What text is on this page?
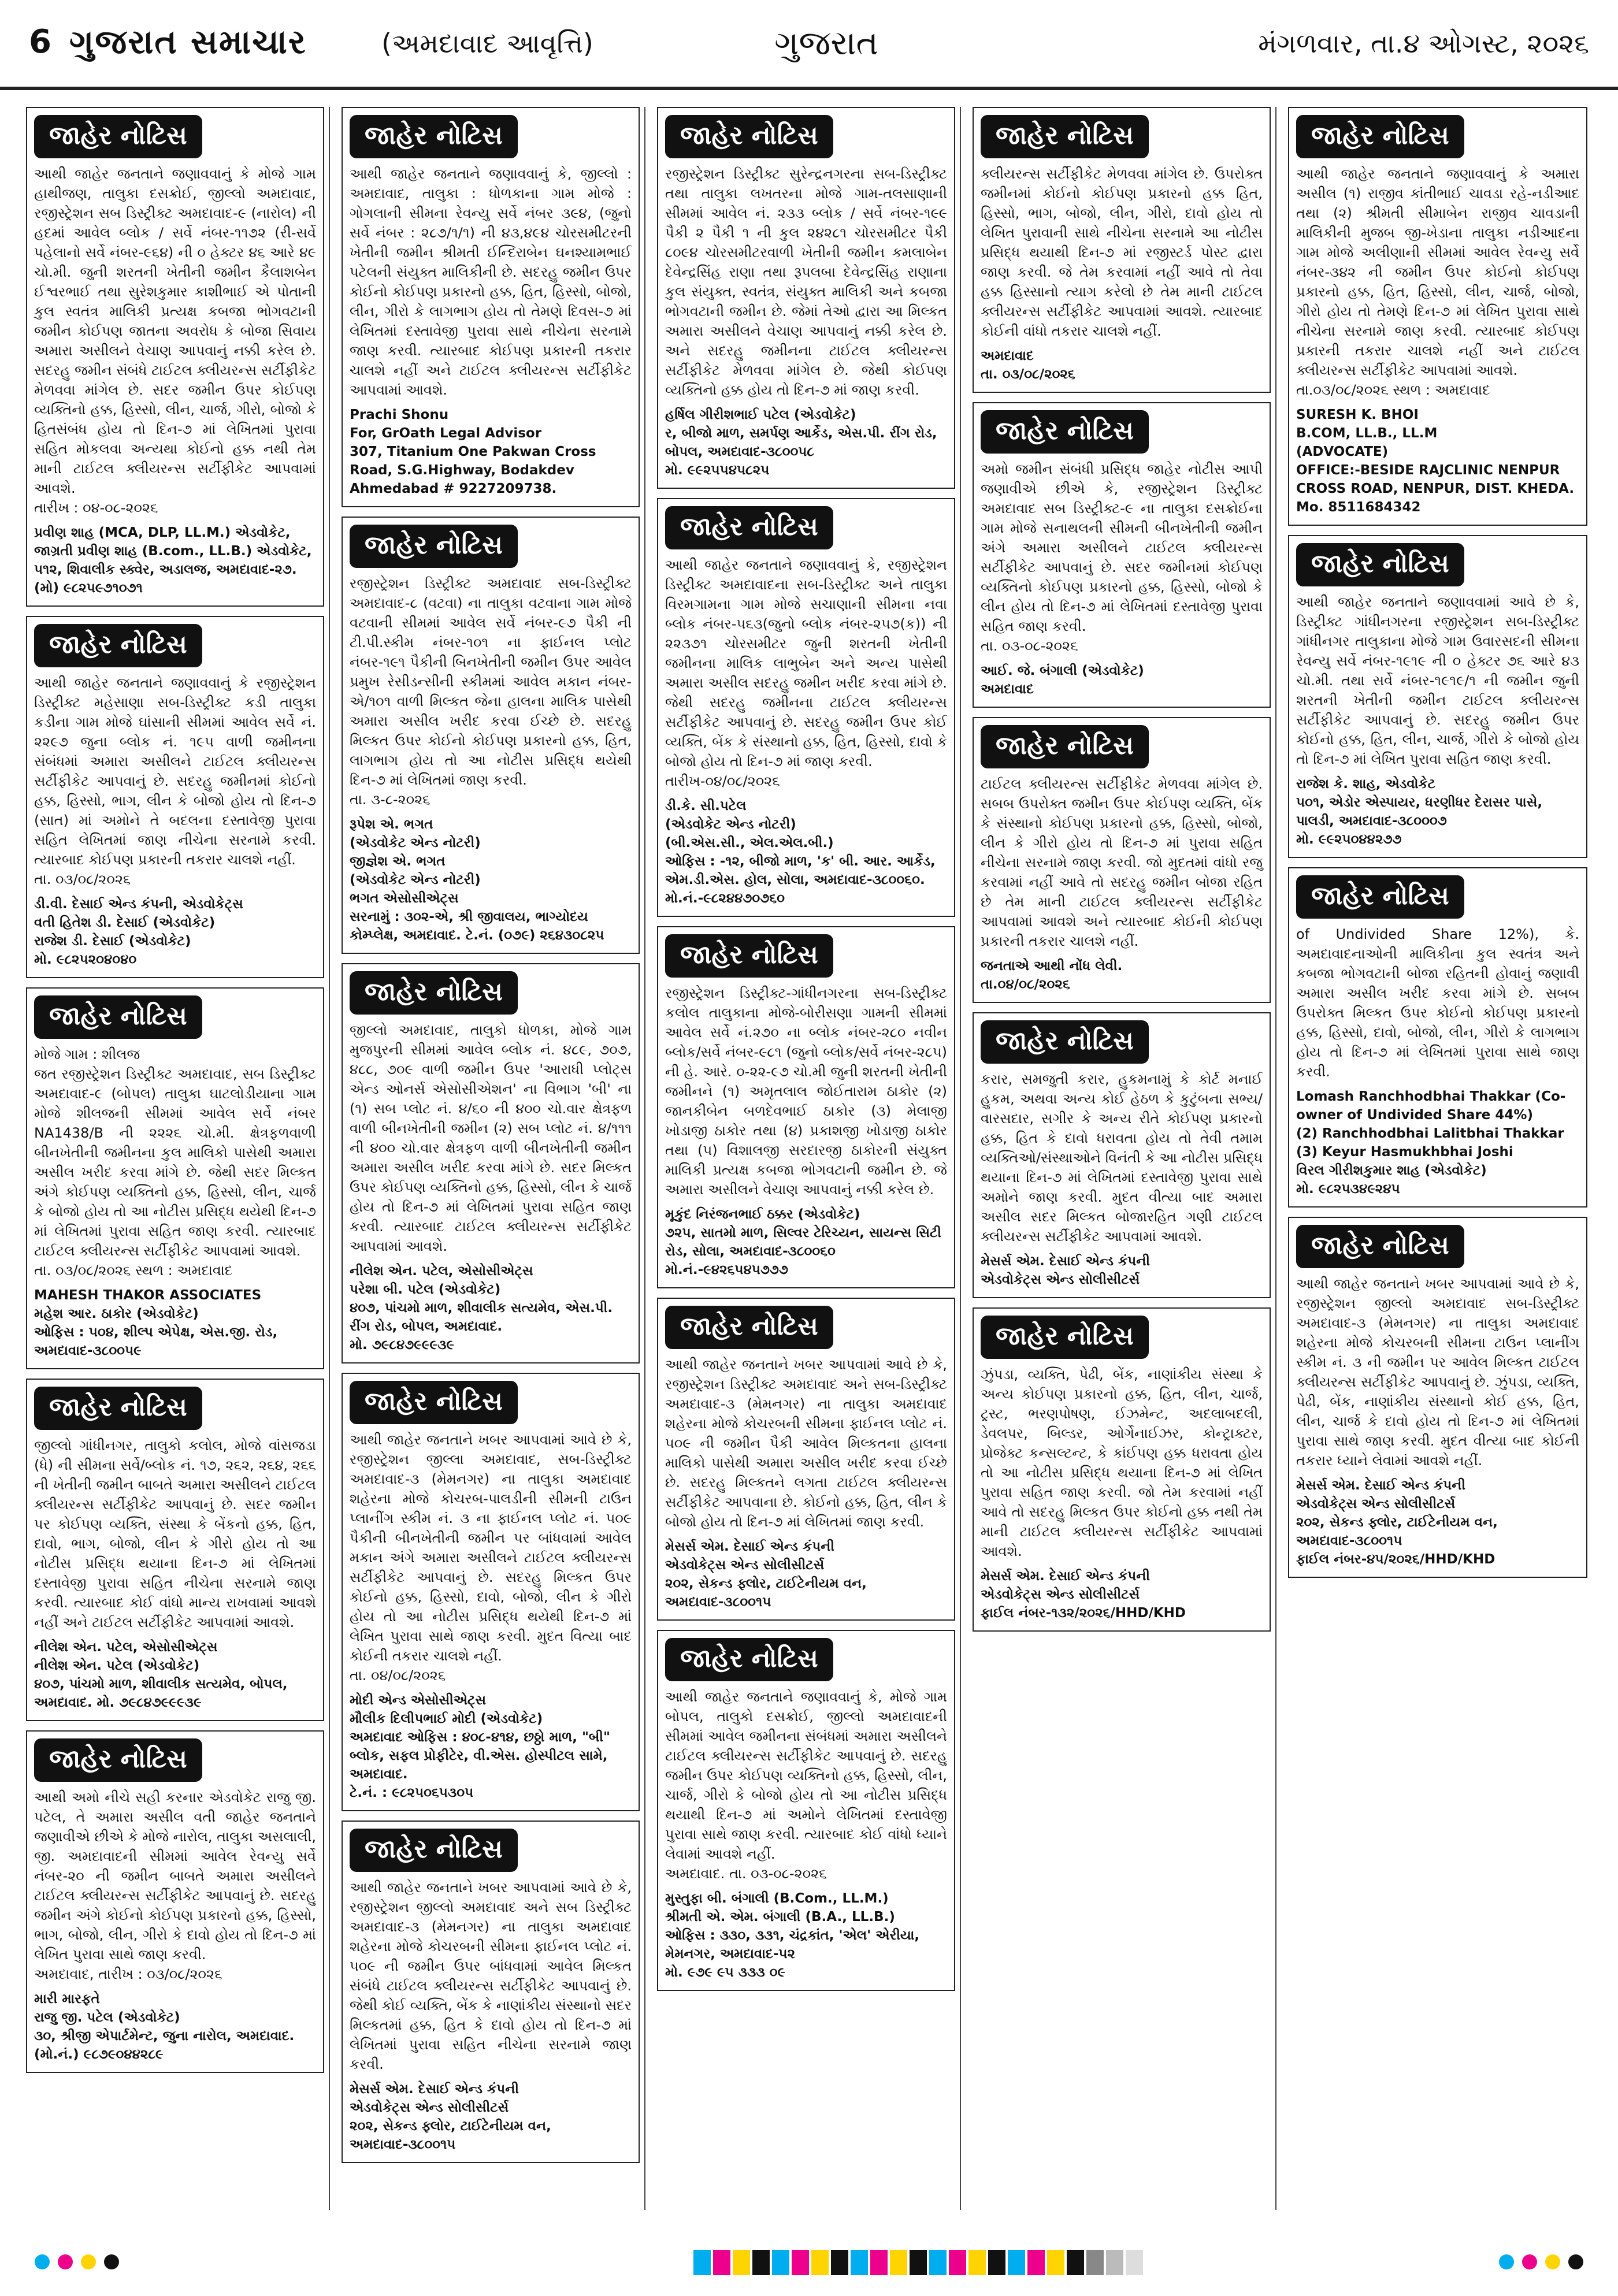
6 ગુજરાત સમાચાર	(અમદાવાદ આવૃત્તિ)	ગુજરાત	મંગળવાર, તા.૪ ઓગસ્ટ, ૨૦૨૬
જાહેર નોટિસ
આથી જાહેર જનતાને જણાવવાનું કે મોજે ગામ હાથીજણ, તાલુકા દસક્રોઈ, જીલ્લો અમદાવાદ, રજીસ્ટ્રેશન સબ ડિસ્ટ્રીક્ટ અમદાવાદ-૯ (નારોલ) ની હદમાં આવેલ બ્લોક / સર્વે નંબર-૧૧૭૨ (રી-સર્વે પહેલાનો સર્વે નંબર-૯૬૪) ની ૦ હેક્ટર ૪૬ આરે ૪૯ ચો.મી. જુની શરતની ખેતીની જમીન કૈલાશબેન ઈશ્વરભાઈ તથા સુરેશકુમાર કાશીભાઈ એ પોતાની કુલ સ્વતંત્ર માલિકી પ્રત્યક્ષ કબજા ભોગવટાની જમીન કોઈપણ જાતના અવરોધ કે બોજા સિવાય અમારા અસીલને વેચાણ આપવાનું નક્કી કરેલ છે. સદરહુ જમીન સંબંધે ટાઈટલ ક્લીયરન્સ સર્ટીફીકેટ મેળવવા માંગેલ છે. સદર જમીન ઉપર કોઈપણ વ્યક્તિનો હક્ક, હિસ્સો, લીન, ચાર્જ, ગીરો, બોજો કે હિતસંબંધ હોય તો દિન-૭ માં લેખિતમાં પુરાવા સહિત મોકલવા અન્યથા કોઈનો હક્ક નથી તેમ માની ટાઈટલ ક્લીયરન્સ સર્ટીફીકેટ આપવામાં આવશે.
તારીખ : ૦૪-૦૮-૨૦૨૬
પ્રવીણ શાહ (MCA, DLP, LL.M.) એડવોકેટ,
જાગ્રતી પ્રવીણ શાહ (B.com., LL.B.) એડવોકેટ,
૫૧૨, શિવાલીક સ્ક્વેર, અડાલજ, અમદાવાદ-૨૭. (મો) ૯૮૨૫૯૭૧૦૭૧
જાહેર નોટિસ
આથી જાહેર જનતાને જણાવવાનું કે રજીસ્ટ્રેશન ડિસ્ટ્રીક્ટ મહેસાણા સબ-ડિસ્ટ્રીક્ટ કડી તાલુકા કડીના ગામ મોજે ઘાંસાની સીમમાં આવેલ સર્વે નં. ૨૨૯૭ જુના બ્લોક નં. ૧૯૫ વાળી જમીનના સંબંધમાં અમારા અસીલને ટાઈટલ ક્લીયરન્સ સર્ટીફીકેટ આપવાનું છે. સદરહુ જમીનમાં કોઈનો હક્ક, હિસ્સો, ભાગ, લીન કે બોજો હોય તો દિન-૭ (સાત) માં અમોને તે બદલના દસ્તાવેજી પુરાવા સહિત લેખિતમાં જાણ નીચેના સરનામે કરવી. ત્યારબાદ કોઈપણ પ્રકારની તકરાર ચાલશે નહીં.
તા. ૦૩/૦૮/૨૦૨૬
ડી.વી. દેસાઈ એન્ડ કંપની, એડવોકેટ્સ
વતી હિતેશ ડી. દેસાઈ (એડવોકેટ)
રાજેશ ડી. દેસાઈ (એડવોકેટ)
મો. ૯૮૨૫૨૦૪૦૪૦
જાહેર નોટિસ
મોજે ગામ : શીલજ
જત રજીસ્ટ્રેશન ડિસ્ટ્રીક્ટ અમદાવાદ, સબ ડિસ્ટ્રીક્ટ અમદાવાદ-૯ (બોપલ) તાલુકા ઘાટલોડીયાના ગામ મોજે શીલજની સીમમાં આવેલ સર્વે નંબર NA1438/B ની ૨૨૨૬ ચો.મી. ક્ષેત્રફળવાળી બીનખેતીની જમીનના કુલ માલિકો પાસેથી અમારા અસીલ ખરીદ કરવા માંગે છે. જેથી સદર મિલ્કત અંગે કોઈપણ વ્યક્તિનો હક્ક, હિસ્સો, લીન, ચાર્જ કે બોજો હોય તો આ નોટીસ પ્રસિદ્ધ થયેથી દિન-૭ માં લેખિતમાં પુરાવા સહિત જાણ કરવી. ત્યારબાદ ટાઈટલ ક્લીયરન્સ સર્ટીફીકેટ આપવામાં આવશે.
તા. ૦૩/૦૮/૨૦૨૬ સ્થળ : અમદાવાદ
MAHESH THAKOR ASSOCIATES
મહેશ આર. ઠાકોર (એડવોકેટ)
ઓફિસ : ૫૦૪, શીલ્પ એપેક્ષ, એસ.જી. રોડ, અમદાવાદ-૩૮૦૦૫૯
જાહેર નોટિસ
જીલ્લો ગાંધીનગર, તાલુકો કલોલ, મોજે વાંસજડા (ધે) ની સીમના સર્વે/બ્લોક નં. ૧૭, ૨૬૨, ૨૬૪, ૨૬૬ ની ખેતીની જમીન બાબતે અમારા અસીલને ટાઈટલ ક્લીયરન્સ સર્ટીફીકેટ આપવાનું છે. સદર જમીન પર કોઈપણ વ્યક્તિ, સંસ્થા કે બેંકનો હક્ક, હિત, દાવો, ભાગ, બોજો, લીન કે ગીરો હોય તો આ નોટીસ પ્રસિદ્ધ થયાના દિન-૭ માં લેખિતમાં દસ્તાવેજી પુરાવા સહિત નીચેના સરનામે જાણ કરવી. ત્યારબાદ કોઈ વાંધો માન્ય રાખવામાં આવશે નહીં અને ટાઈટલ સર્ટીફીકેટ આપવામાં આવશે.
નીલેશ એન. પટેલ, એસોસીએટ્સ
નીલેશ એન. પટેલ (એડવોકેટ)
૪૦૭, પાંચમો માળ, શીવાલીક સત્યમેવ, બોપલ, અમદાવાદ. મો. ૭૯૮૪૭૯૯૯૩૯
જાહેર નોટિસ
આથી અમો નીચે સહી કરનાર એડવોકેટ રાજુ જી. પટેલ, તે અમારા અસીલ વતી જાહેર જનતાને જણાવીએ છીએ કે મોજે નારોલ, તાલુકા અસલાલી, જી. અમદાવાદની સીમમાં આવેલ રેવન્યુ સર્વે નંબર-૨૦ ની જમીન બાબતે અમારા અસીલને ટાઈટલ ક્લીયરન્સ સર્ટીફીકેટ આપવાનું છે. સદરહુ જમીન અંગે કોઈનો કોઈપણ પ્રકારનો હક્ક, હિસ્સો, ભાગ, બોજો, લીન, ગીરો કે દાવો હોય તો દિન-૭ માં લેખિત પુરાવા સાથે જાણ કરવી.
અમદાવાદ, તારીખ : ૦૩/૦૮/૨૦૨૬
મારી મારફતે
રાજુ જી. પટેલ (એડવોકેટ)
૩૦, શ્રીજી એપાર્ટમેન્ટ, જુના નારોલ, અમદાવાદ. (મો.નં.) ૯૮૭૯૦૪૪૨૮૯
જાહેર નોટિસ
આથી જાહેર જનતાને જણાવવાનું કે, જીલ્લો : અમદાવાદ, તાલુકા : ધોળકાના ગામ મોજે : ગોગલાની સીમના રેવન્યુ સર્વે નંબર ૩૯૪, (જુનો સર્વે નંબર : ૨૮૭/૧/૧) ની ૪૩,૪૯૪ ચોરસમીટરની ખેતીની જમીન શ્રીમતી ઈન્દિરાબેન ઘનશ્યામભાઈ પટેલની સંયુક્ત માલિકીની છે. સદરહુ જમીન ઉપર કોઈનો કોઈપણ પ્રકારનો હક્ક, હિત, હિસ્સો, બોજો, લીન, ગીરો કે લાગભાગ હોય તો તેમણે દિવસ-૭ માં લેખિતમાં દસ્તાવેજી પુરાવા સાથે નીચેના સરનામે જાણ કરવી. ત્યારબાદ કોઈપણ પ્રકારની તકરાર ચાલશે નહીં અને ટાઈટલ ક્લીયરન્સ સર્ટીફીકેટ આપવામાં આવશે.
Prachi Shonu
For, GrOath Legal Advisor
307, Titanium One Pakwan Cross Road, S.G.Highway, Bodakdev
Ahmedabad # 9227209738.
જાહેર નોટિસ
રજીસ્ટ્રેશન ડિસ્ટ્રીક્ટ અમદાવાદ સબ-ડિસ્ટ્રીક્ટ અમદાવાદ-૮ (વટવા) ના તાલુકા વટવાના ગામ મોજે વટવાની સીમમાં આવેલ સર્વે નંબર-૯૭ પૈકી ની ટી.પી.સ્કીમ નંબર-૧૦૧ ના ફાઈનલ પ્લોટ નંબર-૧૯૧ પૈકીની બિનખેતીની જમીન ઉપર આવેલ પ્રમુખ રેસીડન્સીની સ્કીમમાં આવેલ મકાન નંબર-એ/૧૦૧ વાળી મિલ્કત જેના હાલના માલિક પાસેથી અમારા અસીલ ખરીદ કરવા ઈચ્છે છે. સદરહુ મિલ્કત ઉપર કોઈનો કોઈપણ પ્રકારનો હક્ક, હિત, લાગભાગ હોય તો આ નોટીસ પ્રસિદ્ધ થયેથી દિન-૭ માં લેખિતમાં જાણ કરવી.
તા. ૩-૮-૨૦૨૬
રૂપેશ એ. ભગત
(એડવોકેટ એન્ડ નોટરી)
જીજ્ઞેશ એ. ભગત
(એડવોકેટ એન્ડ નોટરી)
ભગત એસોસીએટ્સ
સરનામું : ૩૦૨-એ, શ્રી જીવાલય, ભાગ્યોદય કોમ્પ્લેક્ષ, અમદાવાદ. ટે.નં. (૦૭૯) ૨૬૪૩૦૮૨૫
જાહેર નોટિસ
જીલ્લો અમદાવાદ, તાલુકો ધોળકા, મોજે ગામ મુજપુરની સીમમાં આવેલ બ્લોક નં. ૪૮૯, ૭૦૭, ૪૮૮, ૭૦૯ વાળી જમીન ઉપર 'આરાધી પ્લોટ્સ એન્ડ ઓનર્સ એસોસીએશન' ના વિભાગ 'બી' ના (૧) સબ પ્લોટ નં. ૪/૬૦ ની ૪૦૦ ચો.વાર ક્ષેત્રફળ વાળી બીનખેતીની જમીન (૨) સબ પ્લોટ નં. ૪/૧૧૧ ની ૪૦૦ ચો.વાર ક્ષેત્રફળ વાળી બીનખેતીની જમીન અમારા અસીલ ખરીદ કરવા માંગે છે. સદર મિલ્કત ઉપર કોઈપણ વ્યક્તિનો હક્ક, હિસ્સો, લીન કે ચાર્જ હોય તો દિન-૭ માં લેખિતમાં પુરાવા સહિત જાણ કરવી. ત્યારબાદ ટાઈટલ ક્લીયરન્સ સર્ટીફીકેટ આપવામાં આવશે.
નીલેશ એન. પટેલ, એસોસીએટ્સ
પરેશા બી. પટેલ (એડવોકેટ)
૪૦૭, પાંચમો માળ, શીવાલીક સત્યમેવ, એસ.પી. રીંગ રોડ, બોપલ, અમદાવાદ.
મો. ૭૯૮૪૭૯૯૯૩૯
જાહેર નોટિસ
આથી જાહેર જનતાને ખબર આપવામાં આવે છે કે, રજીસ્ટ્રેશન જીલ્લા અમદાવાદ, સબ-ડિસ્ટ્રીક્ટ અમદાવાદ-૩ (મેમનગર) ના તાલુકા અમદાવાદ શહેરના મોજે કોચરબ-પાલડીની સીમની ટાઉન પ્લાનીંગ સ્કીમ નં. ૩ ના ફાઈનલ પ્લોટ નં. ૫૦૯ પૈકીની બીનખેતીની જમીન પર બાંધવામાં આવેલ મકાન અંગે અમારા અસીલને ટાઈટલ ક્લીયરન્સ સર્ટીફીકેટ આપવાનું છે. સદરહુ મિલ્કત ઉપર કોઈનો હક્ક, હિસ્સો, દાવો, બોજો, લીન કે ગીરો હોય તો આ નોટીસ પ્રસિદ્ધ થયેથી દિન-૭ માં લેખિત પુરાવા સાથે જાણ કરવી. મુદત વિત્યા બાદ કોઈની તકરાર ચાલશે નહીં.
તા. ૦૪/૦૮/૨૦૨૬
મોદી એન્ડ એસોસીએટ્સ
મૌલીક દિલીપભાઈ મોદી (એડવોકેટ)
અમદાવાદ ઓફિસ : ૪૦૮-૪૧૪, છઠ્ઠો માળ, "બી" બ્લોક, સફલ પ્રોફીટેર, વી.એસ. હોસ્પીટલ સામે, અમદાવાદ.
ટે.નં. : ૯૮૨૫૦૬૫૩૦૫
જાહેર નોટિસ
આથી જાહેર જનતાને ખબર આપવામાં આવે છે કે, રજીસ્ટ્રેશન જીલ્લો અમદાવાદ અને સબ ડિસ્ટ્રીક્ટ અમદાવાદ-૩ (મેમનગર) ના તાલુકા અમદાવાદ શહેરના મોજે કોચરબની સીમના ફાઈનલ પ્લોટ નં. ૫૦૯ ની જમીન ઉપર બાંધવામાં આવેલ મિલ્કત સંબંધે ટાઈટલ ક્લીયરન્સ સર્ટીફીકેટ આપવાનું છે. જેથી કોઈ વ્યક્તિ, બેંક કે નાણાંકીય સંસ્થાનો સદર મિલ્કતમાં હક્ક, હિત કે દાવો હોય તો દિન-૭ માં લેખિતમાં પુરાવા સહિત નીચેના સરનામે જાણ કરવી.
મેસર્સ એમ. દેસાઈ એન્ડ કંપની
એડવોકેટ્સ એન્ડ સોલીસીટર્સ
૨૦૨, સેકન્ડ ફ્લોર, ટાઈટેનીયમ વન, અમદાવાદ-૩૮૦૦૧૫
જાહેર નોટિસ
રજીસ્ટ્રેશન ડિસ્ટ્રીક્ટ સુરેન્દ્રનગરના સબ-ડિસ્ટ્રીક્ટ તથા તાલુકા લખતરના મોજે ગામ-તલસાણાની સીમમાં આવેલ નં. ૨૩૩ બ્લોક / સર્વે નંબર-૧૯૯ પૈકી ૨ પૈકી ૧ ની કુલ ૨૪૨૮૧ ચોરસમીટર પૈકી ૮૦૯૪ ચોરસમીટરવાળી ખેતીની જમીન કમલાબેન દેવેન્દ્રસિંહ રાણા તથા રૂપલબા દેવેન્દ્રસિંહ રાણાના કુલ સંયુક્ત, સ્વતંત્ર, સંયુક્ત માલિકી અને કબજા ભોગવટાની જમીન છે. જેમાં તેઓ દ્વારા આ મિલ્કત અમારા અસીલને વેચાણ આપવાનું નક્કી કરેલ છે. અને સદરહુ જમીનના ટાઈટલ ક્લીયરન્સ સર્ટીફીકેટ મેળવવા માંગેલ છે. જેથી કોઈપણ વ્યક્તિનો હક્ક હોય તો દિન-૭ માં જાણ કરવી.
હર્ષિલ ગીરીશભાઈ પટેલ (એડવોકેટ)
ર, બીજો માળ, સમર્પણ આર્કેડ, એસ.પી. રીંગ રોડ, બોપલ, અમદાવાદ-૩૮૦૦૫૮
મો. ૯૯૨૫૫૪૫૮૨૫
જાહેર નોટિસ
આથી જાહેર જનતાને જણાવવાનું કે, રજીસ્ટ્રેશન ડિસ્ટ્રીક્ટ અમદાવાદના સબ-ડિસ્ટ્રીક્ટ અને તાલુકા વિરમગામના ગામ મોજે સચાણાની સીમના નવા બ્લોક નંબર-૫૬૩(જુનો બ્લોક નંબર-૨૫૭(ક)) ની ૨૨૩૭૧ ચોરસમીટર જુની શરતની ખેતીની જમીનના માલિક લાભુબેન અને અન્ય પાસેથી અમારા અસીલ સદરહુ જમીન ખરીદ કરવા માંગે છે. જેથી સદરહુ જમીનના ટાઈટલ ક્લીયરન્સ સર્ટીફીકેટ આપવાનું છે. સદરહુ જમીન ઉપર કોઈ વ્યક્તિ, બેંક કે સંસ્થાનો હક્ક, હિત, હિસ્સો, દાવો કે બોજો હોય તો દિન-૭ માં જાણ કરવી.
તારીખ-૦૪/૦૮/૨૦૨૬
ડી.કે. સી.પટેલ
(એડવોકેટ એન્ડ નોટરી)
(બી.એસ.સી., એલ.એલ.બી.)
ઓફિસ : -૧૨, બીજો માળ, 'ક' બી. આર. આર્કેડ, એમ.ડી.એસ. હોલ, સોલા, અમદાવાદ-૩૮૦૦૬૦.
મો.નં.-૯૮૨૪૪૭૦૭૬૦
જાહેર નોટિસ
રજીસ્ટ્રેશન ડિસ્ટ્રીક્ટ-ગાંધીનગરના સબ-ડિસ્ટ્રીક્ટ કલોલ તાલુકાના મોજે-બોરીસણા ગામની સીમમાં આવેલ સર્વે નં.૨૭૦ ના બ્લોક નંબર-૨૮૦ નવીન બ્લોક/સર્વે નંબર-૯૮૧ (જુનો બ્લોક/સર્વે નંબર-૨૮૫) ની હે. આરે. ૦-૨૨-૯૭ ચો.મી જુની શરતની ખેતીની જમીનને (૧) અમૃતલાલ જોઈતારામ ઠાકોર (૨) જાનકીબેન બળદેવભાઈ ઠાકોર (૩) મેલાજી ખોડાજી ઠાકોર તથા (૪) પ્રકાશજી ખોડાજી ઠાકોર તથા (૫) વિશાલજી સરદારજી ઠાકોરની સંયુક્ત માલિકી પ્રત્યક્ષ કબજા ભોગવટાની જમીન છે. જે અમારા અસીલને વેચાણ આપવાનું નક્કી કરેલ છે.
મૂકુંદ નિરંજનભાઈ ઠક્કર (એડવોકેટ)
૭૨૫, સાતમો માળ, સિલ્વર ટેરિચ્યન, સાયન્સ સિટી રોડ, સોલા, અમદાવાદ-૩૮૦૦૬૦
મો.નં.-૯૪૨૬૫૪૫૭૭૭
જાહેર નોટિસ
આથી જાહેર જનતાને ખબર આપવામાં આવે છે કે, રજીસ્ટ્રેશન ડિસ્ટ્રીક્ટ અમદાવાદ અને સબ-ડિસ્ટ્રીક્ટ અમદાવાદ-૩ (મેમનગર) ના તાલુકા અમદાવાદ શહેરના મોજે કોચરબની સીમના ફાઈનલ પ્લોટ નં. ૫૦૯ ની જમીન પૈકી આવેલ મિલ્કતના હાલના માલિકો પાસેથી અમારા અસીલ ખરીદ કરવા ઈચ્છે છે. સદરહુ મિલ્કતને લગતા ટાઈટલ ક્લીયરન્સ સર્ટીફીકેટ આપવાના છે. કોઈનો હક્ક, હિત, લીન કે બોજો હોય તો દિન-૭ માં લેખિતમાં જાણ કરવી.
મેસર્સ એમ. દેસાઈ એન્ડ કંપની
એડવોકેટ્સ એન્ડ સોલીસીટર્સ
૨૦૨, સેકન્ડ ફ્લોર, ટાઈટેનીયમ વન, અમદાવાદ-૩૮૦૦૧૫
જાહેર નોટિસ
આથી જાહેર જનતાને જણાવવાનું કે, મોજે ગામ બોપલ, તાલુકો દસક્રોઈ, જીલ્લો અમદાવાદની સીમમાં આવેલ જમીનના સંબંધમાં અમારા અસીલને ટાઈટલ ક્લીયરન્સ સર્ટીફીકેટ આપવાનું છે. સદરહુ જમીન ઉપર કોઈપણ વ્યક્તિનો હક્ક, હિસ્સો, લીન, ચાર્જ, ગીરો કે બોજો હોય તો આ નોટીસ પ્રસિદ્ધ થયાથી દિન-૭ માં અમોને લેખિતમાં દસ્તાવેજી પુરાવા સાથે જાણ કરવી. ત્યારબાદ કોઈ વાંધો ધ્યાને લેવામાં આવશે નહીં.
અમદાવાદ. તા. ૦૩-૦૮-૨૦૨૬
મુસ્તુફા બી. બંગાલી (B.Com., LL.M.)
શ્રીમતી એ. એમ. બંગાલી (B.A., LL.B.)
ઓફિસ : ૩૩૦, ૩૩૧, ચંદ્રકાંત, 'એલ' એરીયા, મેમનગર, અમદાવાદ-૫૨
મો. ૯૭૯ ૯૫ ૩૩૩ ૦૯
જાહેર નોટિસ
ક્લીયરન્સ સર્ટીફીકેટ મેળવવા માંગેલ છે. ઉપરોક્ત જમીનમાં કોઈનો કોઈપણ પ્રકારનો હક્ક હિત, હિસ્સો, ભાગ, બોજો, લીન, ગીરો, દાવો હોય તો લેખિત પુરાવાની સાથે નીચેના સરનામે આ નોટીસ પ્રસિદ્ધ થયાથી દિન-૭ માં રજીસ્ટર્ડ પોસ્ટ દ્વારા જાણ કરવી. જે તેમ કરવામાં નહીં આવે તો તેવા હક્ક હિસ્સાનો ત્યાગ કરેલો છે તેમ માની ટાઈટલ ક્લીયરન્સ સર્ટીફીકેટ આપવામાં આવશે. ત્યારબાદ કોઈની વાંધો તકરાર ચાલશે નહીં.
અમદાવાદ
તા. ૦૩/૦૮/૨૦૨૬
જાહેર નોટિસ
અમો જમીન સંબંધી પ્રસિદ્ધ જાહેર નોટીસ આપી જણાવીએ છીએ કે, રજીસ્ટ્રેશન ડિસ્ટ્રીક્ટ અમદાવાદ સબ ડિસ્ટ્રીક્ટ-૯ ના તાલુકા દસક્રોઈના ગામ મોજે સનાથલની સીમની બીનખેતીની જમીન અંગે અમારા અસીલને ટાઈટલ ક્લીયરન્સ સર્ટીફીકેટ આપવાનું છે. સદર જમીનમાં કોઈપણ વ્યક્તિનો કોઈપણ પ્રકારનો હક્ક, હિસ્સો, બોજો કે લીન હોય તો દિન-૭ માં લેખિતમાં દસ્તાવેજી પુરાવા સહિત જાણ કરવી.
તા. ૦૩-૦૮-૨૦૨૬
આઈ. જે. બંગાલી (એડવોકેટ)
અમદાવાદ
જાહેર નોટિસ
ટાઈટલ ક્લીયરન્સ સર્ટીફીકેટ મેળવવા માંગેલ છે. સબબ ઉપરોક્ત જમીન ઉપર કોઈપણ વ્યક્તિ, બેંક કે સંસ્થાનો કોઈપણ પ્રકારનો હક્ક, હિસ્સો, બોજો, લીન કે ગીરો હોય તો દિન-૭ માં પુરાવા સહિત નીચેના સરનામે જાણ કરવી. જો મુદતમાં વાંધો રજુ કરવામાં નહીં આવે તો સદરહુ જમીન બોજા રહિત છે તેમ માની ટાઈટલ ક્લીયરન્સ સર્ટીફીકેટ આપવામાં આવશે અને ત્યારબાદ કોઈની કોઈપણ પ્રકારની તકરાર ચાલશે નહીં.
જનતાએ આથી નોંધ લેવી.
તા.૦૪/૦૮/૨૦૨૬
જાહેર નોટિસ
કરાર, સમજુતી કરાર, હુકમનામું કે કોર્ટ મનાઈ હુકમ, અથવા અન્ય કોઈ હેઠળ કે કુટુંબના સભ્ય/વારસદાર, સગીર કે અન્ય રીતે કોઈપણ પ્રકારનો હક્ક, હિત કે દાવો ધરાવતા હોય તો તેવી તમામ વ્યક્તિઓ/સંસ્થાઓને વિનંતી કે આ નોટીસ પ્રસિદ્ધ થયાના દિન-૭ માં લેખિતમાં દસ્તાવેજી પુરાવા સાથે અમોને જાણ કરવી. મુદત વીત્યા બાદ અમારા અસીલ સદર મિલ્કત બોજારહિત ગણી ટાઈટલ ક્લીયરન્સ સર્ટીફીકેટ આપવામાં આવશે.
મેસર્સ એમ. દેસાઈ એન્ડ કંપની
એડવોકેટ્સ એન્ડ સોલીસીટર્સ
જાહેર નોટિસ
ઝુંપડા, વ્યક્તિ, પેઢી, બેંક, નાણાંકીય સંસ્થા કે અન્ય કોઈપણ પ્રકારનો હક્ક, હિત, લીન, ચાર્જ, ટ્રસ્ટ, ભરણપોષણ, ઈઝમેન્ટ, અદલાબદલી, ડેવલપર, બિલ્ડર, ઓર્ગેનાઈઝર, કોન્ટ્રાક્ટર, પ્રોજેક્ટ કન્સલ્ટન્ટ, કે કાંઈપણ હક્ક ધરાવતા હોય તો આ નોટીસ પ્રસિદ્ધ થયાના દિન-૭ માં લેખિત પુરાવા સહિત જાણ કરવી. જો તેમ કરવામાં નહીં આવે તો સદરહુ મિલ્કત ઉપર કોઈનો હક્ક નથી તેમ માની ટાઈટલ ક્લીયરન્સ સર્ટીફીકેટ આપવામાં આવશે.
મેસર્સ એમ. દેસાઈ એન્ડ કંપની
એડવોકેટ્સ એન્ડ સોલીસીટર્સ
ફાઈલ નંબર-૧૩૨/૨૦૨૬/HHD/KHD
જાહેર નોટિસ
આથી જાહેર જનતાને જણાવવાનું કે અમારા અસીલ (૧) રાજીવ કાંતીભાઈ ચાવડા રહે-નડીઆદ તથા (૨) શ્રીમતી સીમાબેન રાજીવ ચાવડાની માલિકીની મુજબ જી-ખેડાના તાલુકા નડીઆદના ગામ મોજે અલીણાની સીમમાં આવેલ રેવન્યુ સર્વે નંબર-૩૪૨ ની જમીન ઉપર કોઈનો કોઈપણ પ્રકારનો હક્ક, હિત, હિસ્સો, લીન, ચાર્જ, બોજો, ગીરો હોય તો તેમણે દિન-૭ માં લેખિત પુરાવા સાથે નીચેના સરનામે જાણ કરવી. ત્યારબાદ કોઈપણ પ્રકારની તકરાર ચાલશે નહીં અને ટાઈટલ ક્લીયરન્સ સર્ટીફીકેટ આપવામાં આવશે.
તા.૦૩/૦૮/૨૦૨૬ સ્થળ : અમદાવાદ
SURESH K. BHOI
B.COM, LL.B., LL.M
(ADVOCATE)
OFFICE:-BESIDE RAJCLINIC NENPUR CROSS ROAD, NENPUR, DIST. KHEDA.
Mo. 8511684342
જાહેર નોટિસ
આથી જાહેર જનતાને જણાવવામાં આવે છે કે, ડિસ્ટ્રીક્ટ ગાંધીનગરના રજીસ્ટ્રેશન સબ-ડિસ્ટ્રીક્ટ ગાંધીનગર તાલુકાના મોજે ગામ ઉવારસદની સીમના રેવન્યુ સર્વે નંબર-૧૯૧૯ ની ૦ હેક્ટર ૭૬ આરે ૪૩ ચો.મી. તથા સર્વે નંબર-૧૯૧૯/૧ ની જમીન જુની શરતની ખેતીની જમીન ટાઈટલ ક્લીયરન્સ સર્ટીફીકેટ આપવાનું છે. સદરહુ જમીન ઉપર કોઈનો હક્ક, હિત, લીન, ચાર્જ, ગીરો કે બોજો હોય તો દિન-૭ માં લેખિત પુરાવા સહિત જાણ કરવી.
રાજેશ કે. શાહ, એડવોકેટ
૫૦૧, એડોર એસ્પાયર, ધરણીધર દેરાસર પાસે, પાલડી, અમદાવાદ-૩૮૦૦૦૭
મો. ૯૯૨૫૦૪૪૨૭૭
જાહેર નોટિસ
of Undivided Share 12%), કે. અમદાવાદનાઓની માલિકીના કુલ સ્વતંત્ર અને કબજા ભોગવટાની બોજા રહિતની હોવાનું જણાવી અમારા અસીલ ખરીદ કરવા માંગે છે. સબબ ઉપરોક્ત મિલ્કત ઉપર કોઈનો કોઈપણ પ્રકારનો હક્ક, હિસ્સો, દાવો, બોજો, લીન, ગીરો કે લાગભાગ હોય તો દિન-૭ માં લેખિતમાં પુરાવા સાથે જાણ કરવી.
Lomash Ranchhodbhai Thakkar (Co-owner of Undivided Share 44%)
(2) Ranchhodbhai Lalitbhai Thakkar
(3) Keyur Hasmukhbhai Joshi
વિરલ ગીરીશકુમાર શાહ (એડવોકેટ)
મો. ૯૮૨૫૩૪૯૨૪૫
જાહેર નોટિસ
આથી જાહેર જનતાને ખબર આપવામાં આવે છે કે, રજીસ્ટ્રેશન જીલ્લો અમદાવાદ સબ-ડિસ્ટ્રીક્ટ અમદાવાદ-૩ (મેમનગર) ના તાલુકા અમદાવાદ શહેરના મોજે કોચરબની સીમના ટાઉન પ્લાનીંગ સ્કીમ નં. ૩ ની જમીન પર આવેલ મિલ્કત ટાઈટલ ક્લીયરન્સ સર્ટીફીકેટ આપવાનું છે. ઝુંપડા, વ્યક્તિ, પેઢી, બેંક, નાણાંકીય સંસ્થાનો કોઈ હક્ક, હિત, લીન, ચાર્જ કે દાવો હોય તો દિન-૭ માં લેખિતમાં પુરાવા સાથે જાણ કરવી. મુદત વીત્યા બાદ કોઈની તકરાર ધ્યાને લેવામાં આવશે નહીં.
મેસર્સ એમ. દેસાઈ એન્ડ કંપની
એડવોકેટ્સ એન્ડ સોલીસીટર્સ
૨૦૨, સેકન્ડ ફ્લોર, ટાઈટેનીયમ વન, અમદાવાદ-૩૮૦૦૧૫
ફાઈલ નંબર-૪૫/૨૦૨૬/HHD/KHD
